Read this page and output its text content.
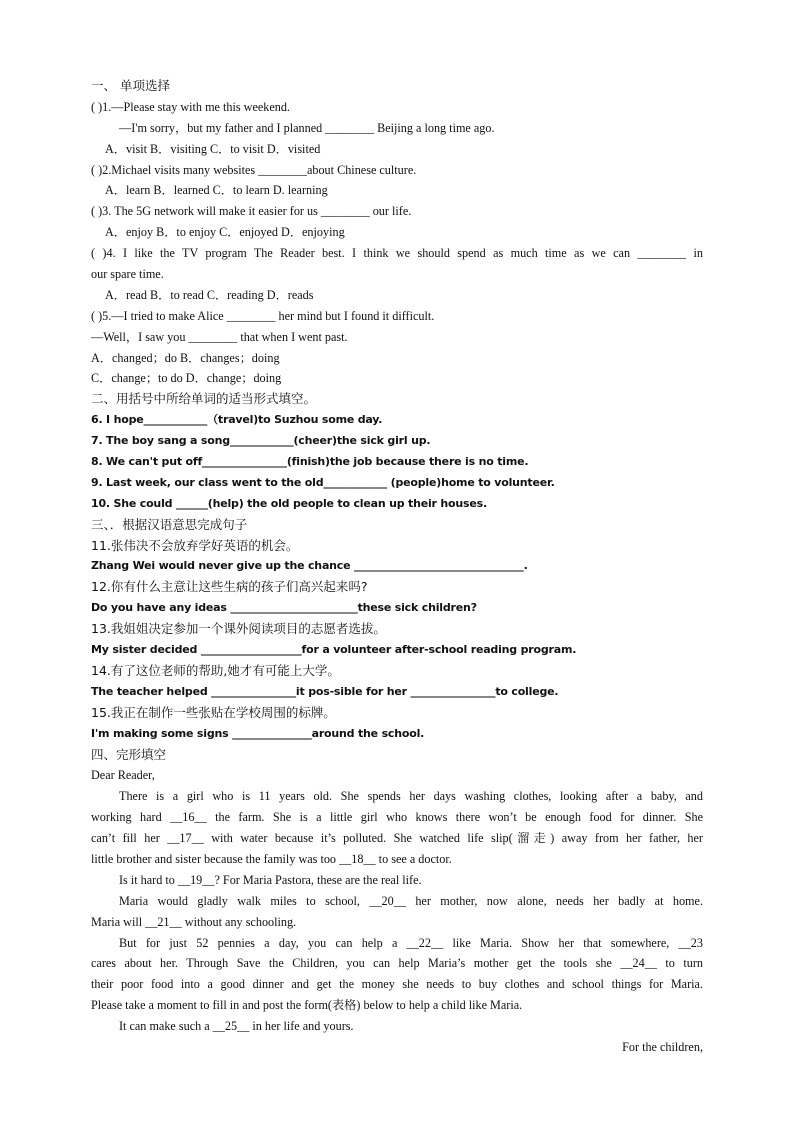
一、 单项选择
( )1.—Please stay with me this weekend.
—I'm sorry，but my father and I planned ________ Beijing a long time ago.
A．visit B．visiting C．to visit D．visited
( )2.Michael visits many websites ________about Chinese culture.
A．learn B．learned C．to learn D. learning
( )3. The 5G network will make it easier for us ________ our life.
A．enjoy B．to enjoy C．enjoyed D．enjoying
( )4. I like the TV program The Reader best. I think we should spend as much time as we can ________ in
our spare time.
A．read B．to read C．reading D．reads
( )5.—I tried to make Alice ________ her mind but I found it difficult.
—Well，I saw you ________ that when I went past.
A．changed；do B．changes；doing
C．change；to do D．change；doing
二、用括号中所给单词的适当形式填空。
6. I hope____________（travel)to Suzhou some day.
7. The boy sang a song____________(cheer)the sick girl up.
8. We can't put off________________(finish)the job because there is no time.
9. Last week, our class went to the old____________ (people)home to volunteer.
10. She could ______(help) the old people to clean up their houses.
三、．根据汉语意思完成句子
11.张伟决不会放弃学好英语的机会。
Zhang Wei would never give up the chance ________________________________.
12.你有什么主意让这些生病的孩子们高兴起来吗?
Do you have any ideas ________________________these sick children?
13.我姐姐决定参加一个课外阅读项目的志愿者选拔。
My sister decided ___________________for a volunteer after-school reading program.
14.有了这位老师的帮助,她才有可能上大学。
The teacher helped ________________it pos-sible for her ________________to college.
15.我正在制作一些张贴在学校周围的标牌。
I'm making some signs _______________around the school.
四、完形填空
Dear Reader,
There is a girl who is 11 years old. She spends her days washing clothes, looking after a baby, and
working hard __16__ the farm. She is a little girl who knows there won’t be enough food for dinner. She
can’t fill her __17__ with water because it’s polluted. She watched life slip(溜走) away from her father, her
little brother and sister because the family was too __18__ to see a doctor.
Is it hard to __19__? For Maria Pastora, these are the real life.
Maria would gladly walk miles to school, __20__ her mother, now alone, needs her badly at home.
Maria will __21__ without any schooling.
But for just 52 pennies a day, you can help a __22__ like Maria. Show her that somewhere, __23
cares about her. Through Save the Children, you can help Maria’s mother get the tools she __24__ to turn
their poor food into a good dinner and get the money she needs to buy clothes and school things for Maria.
Please take a moment to fill in and post the form(表格) below to help a child like Maria.
It can make such a __25__ in her life and yours.
For the children,
